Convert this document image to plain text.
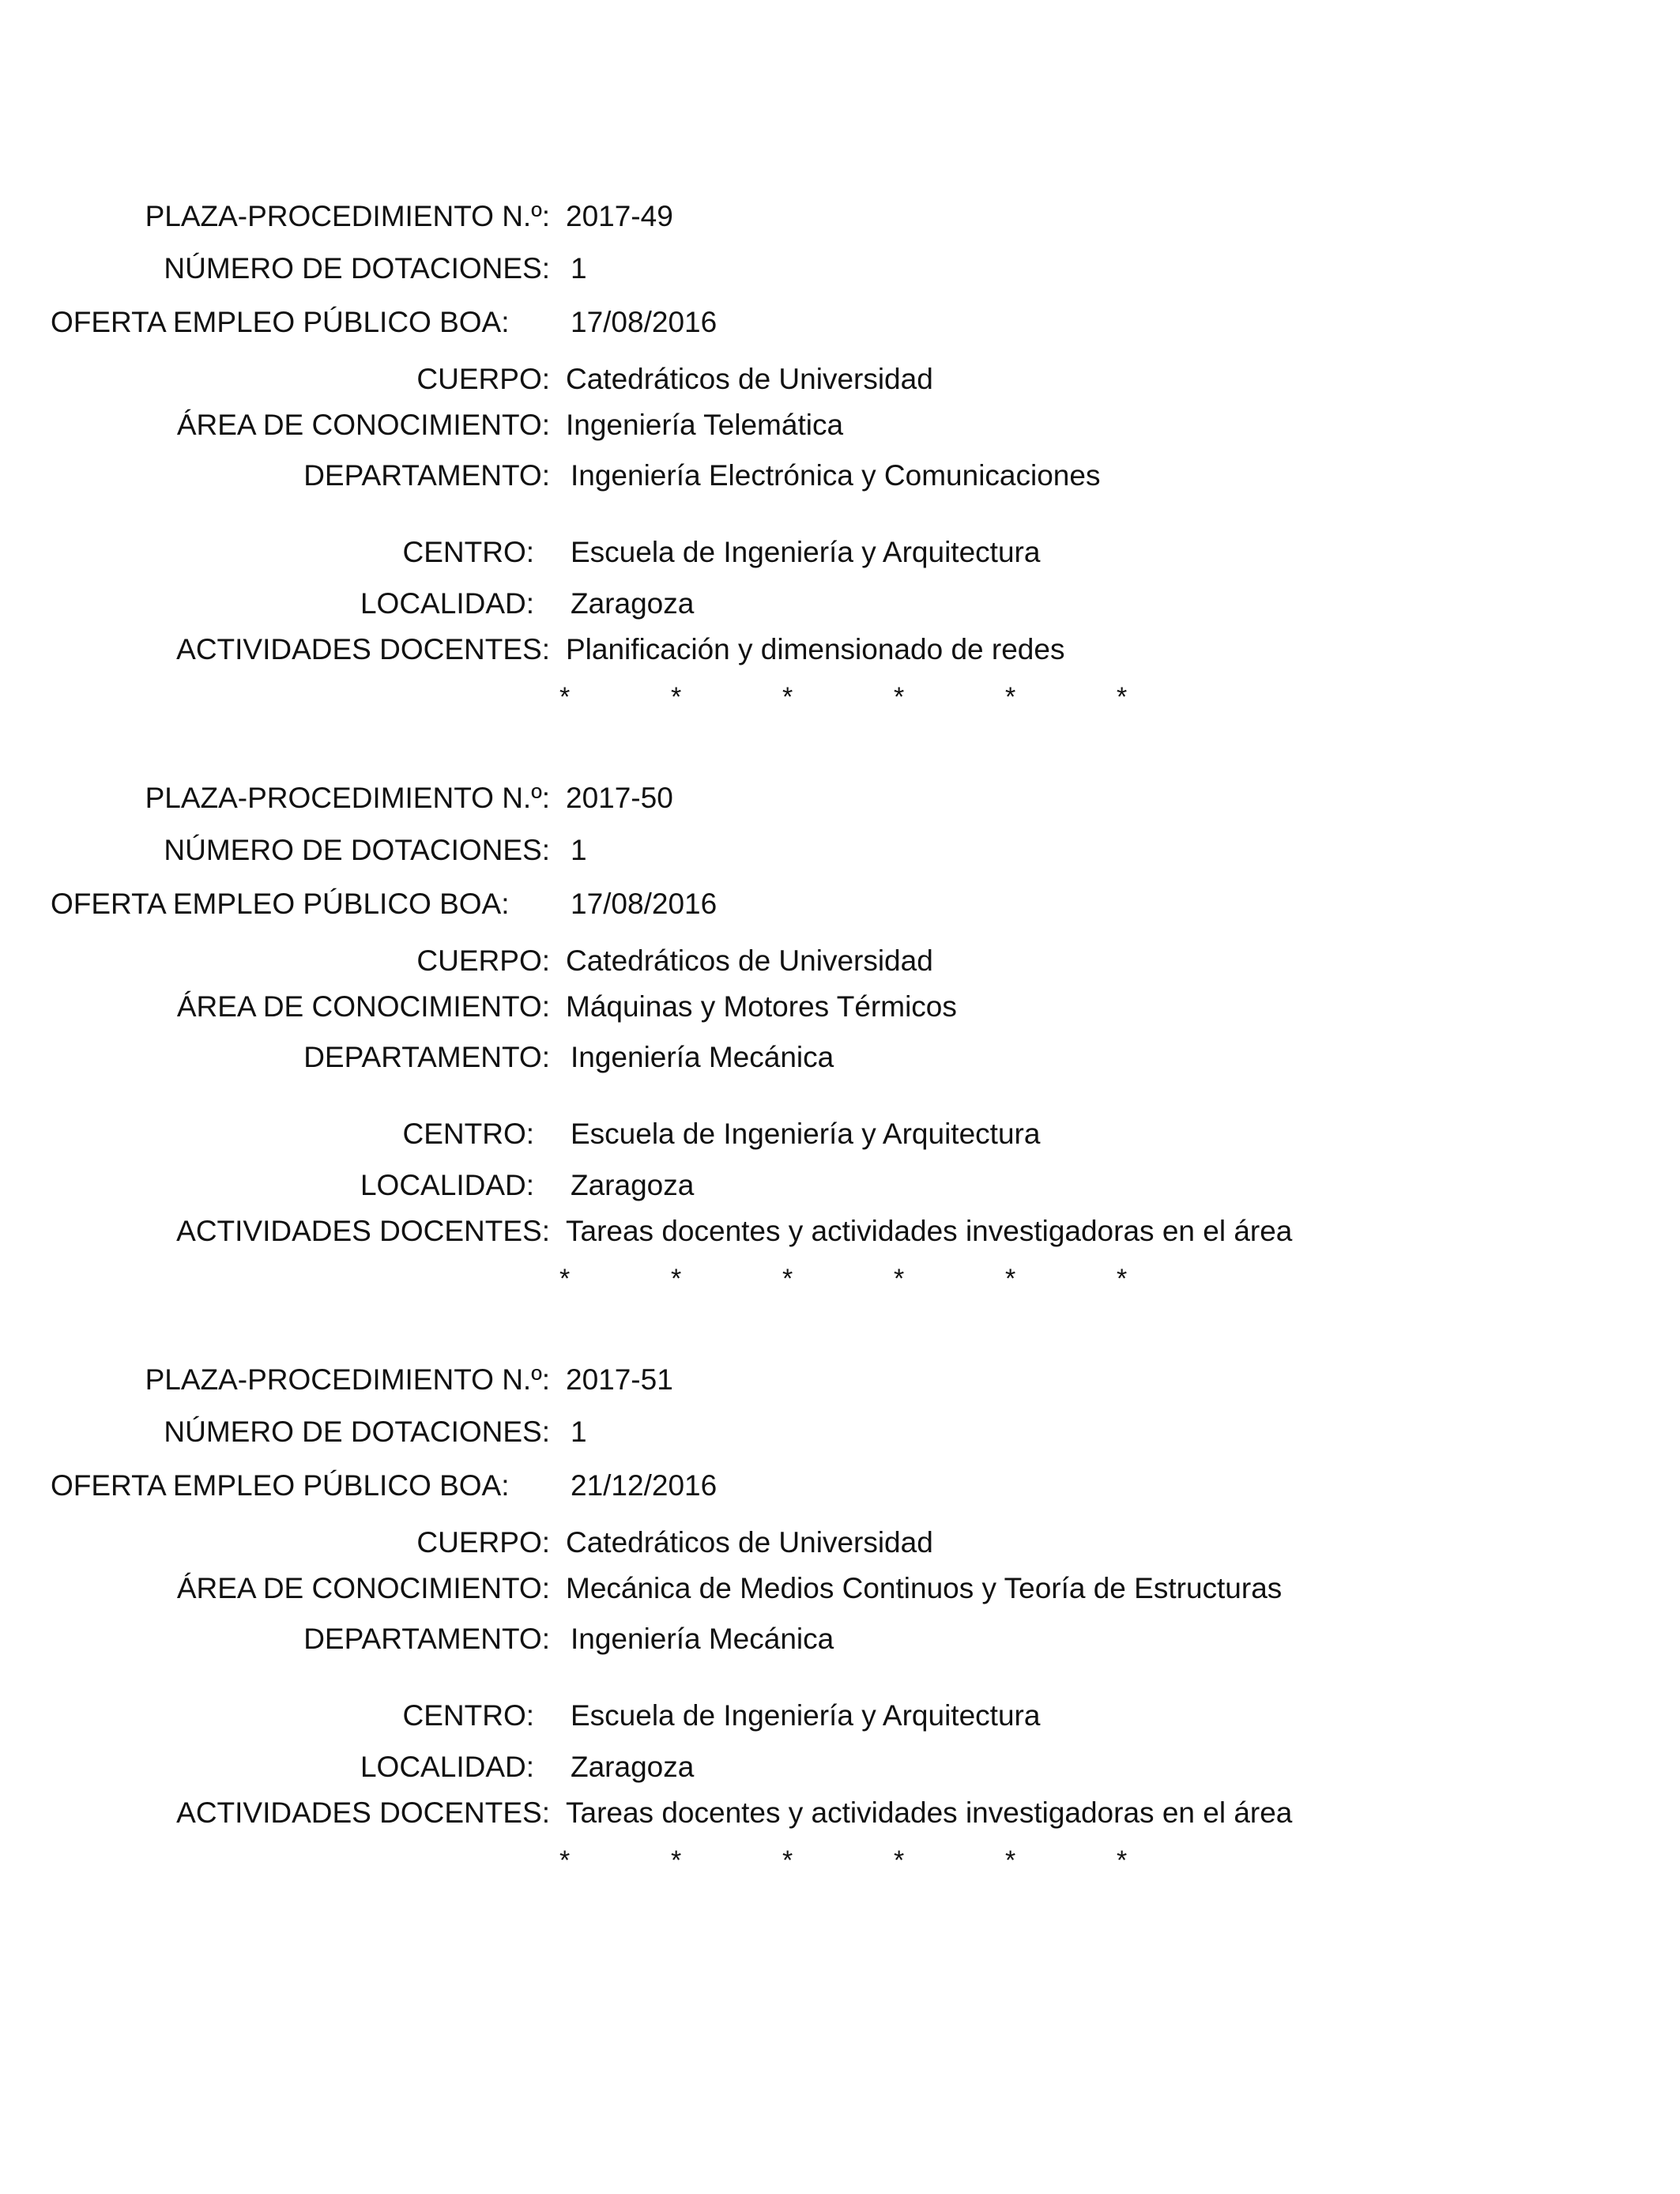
PLAZA-PROCEDIMIENTO N.º: 2017-49
NÚMERO DE DOTACIONES: 1
OFERTA EMPLEO PÚBLICO BOA: 17/08/2016
CUERPO: Catedráticos de Universidad
ÁREA DE CONOCIMIENTO: Ingeniería Telemática
DEPARTAMENTO: Ingeniería Electrónica y Comunicaciones
CENTRO: Escuela de Ingeniería y Arquitectura
LOCALIDAD: Zaragoza
ACTIVIDADES DOCENTES: Planificación y dimensionado de redes
*	*	*	*	*	*
PLAZA-PROCEDIMIENTO N.º: 2017-50
NÚMERO DE DOTACIONES: 1
OFERTA EMPLEO PÚBLICO BOA: 17/08/2016
CUERPO: Catedráticos de Universidad
ÁREA DE CONOCIMIENTO: Máquinas y Motores Térmicos
DEPARTAMENTO: Ingeniería Mecánica
CENTRO: Escuela de Ingeniería y Arquitectura
LOCALIDAD: Zaragoza
ACTIVIDADES DOCENTES: Tareas docentes y actividades investigadoras en el área
*	*	*	*	*	*
PLAZA-PROCEDIMIENTO N.º: 2017-51
NÚMERO DE DOTACIONES: 1
OFERTA EMPLEO PÚBLICO BOA: 21/12/2016
CUERPO: Catedráticos de Universidad
ÁREA DE CONOCIMIENTO: Mecánica de Medios Continuos y Teoría de Estructuras
DEPARTAMENTO: Ingeniería Mecánica
CENTRO: Escuela de Ingeniería y Arquitectura
LOCALIDAD: Zaragoza
ACTIVIDADES DOCENTES: Tareas docentes y actividades investigadoras en el área
*	*	*	*	*	*
